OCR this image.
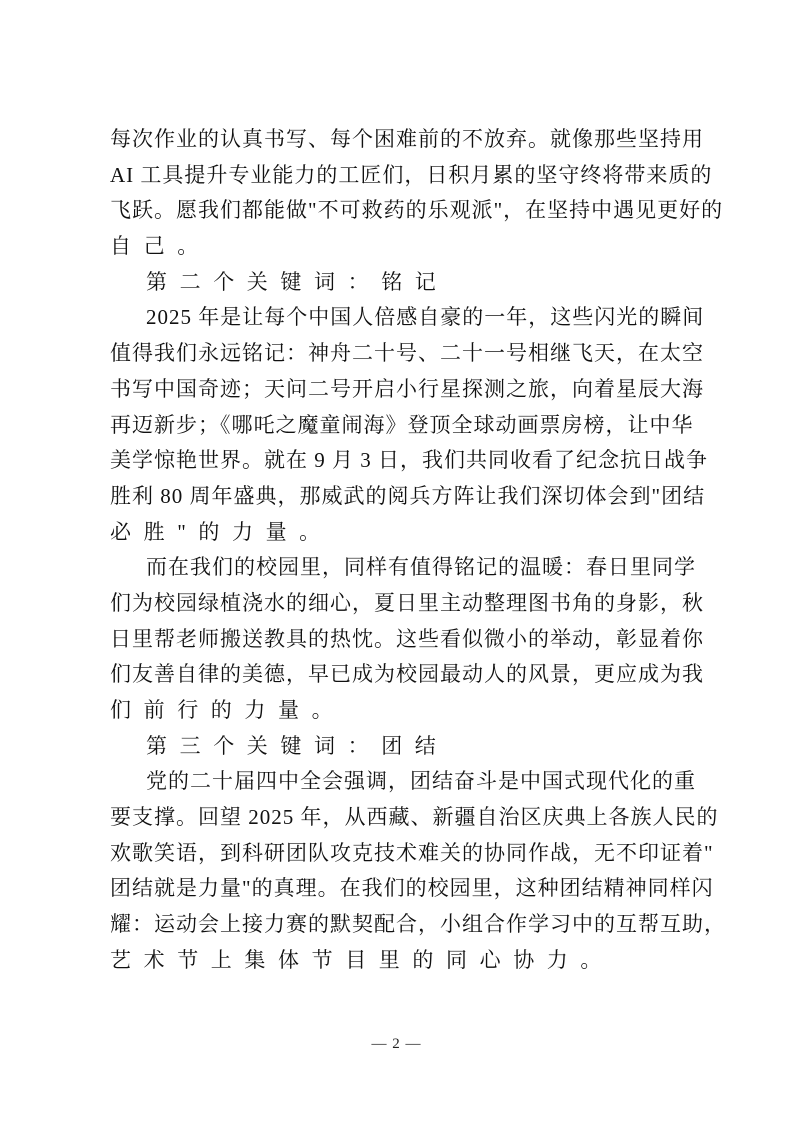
每次作业的认真书写、每个困难前的不放弃。就像那些坚持用
AI 工具提升专业能力的工匠们，日积月累的坚守终将带来质的
飞跃。愿我们都能做"不可救药的乐观派"，在坚持中遇见更好的
自己。
第二个关键词：铭记
2025 年是让每个中国人倍感自豪的一年，这些闪光的瞬间
值得我们永远铭记：神舟二十号、二十一号相继飞天，在太空
书写中国奇迹；天问二号开启小行星探测之旅，向着星辰大海
再迈新步；《哪吒之魔童闹海》登顶全球动画票房榜，让中华
美学惊艳世界。就在 9 月 3 日，我们共同收看了纪念抗日战争
胜利 80 周年盛典，那威武的阅兵方阵让我们深切体会到"团结
必胜"的力量。
而在我们的校园里，同样有值得铭记的温暖：春日里同学
们为校园绿植浇水的细心，夏日里主动整理图书角的身影，秋
日里帮老师搬送教具的热忱。这些看似微小的举动，彰显着你
们友善自律的美德，早已成为校园最动人的风景，更应成为我
们前行的力量。
第三个关键词：团结
党的二十届四中全会强调，团结奋斗是中国式现代化的重
要支撑。回望 2025 年，从西藏、新疆自治区庆典上各族人民的
欢歌笑语，到科研团队攻克技术难关的协同作战，无不印证着"
团结就是力量"的真理。在我们的校园里，这种团结精神同样闪
耀：运动会上接力赛的默契配合，小组合作学习中的互帮互助，
艺术节上集体节目里的同心协力。
— 2 —
